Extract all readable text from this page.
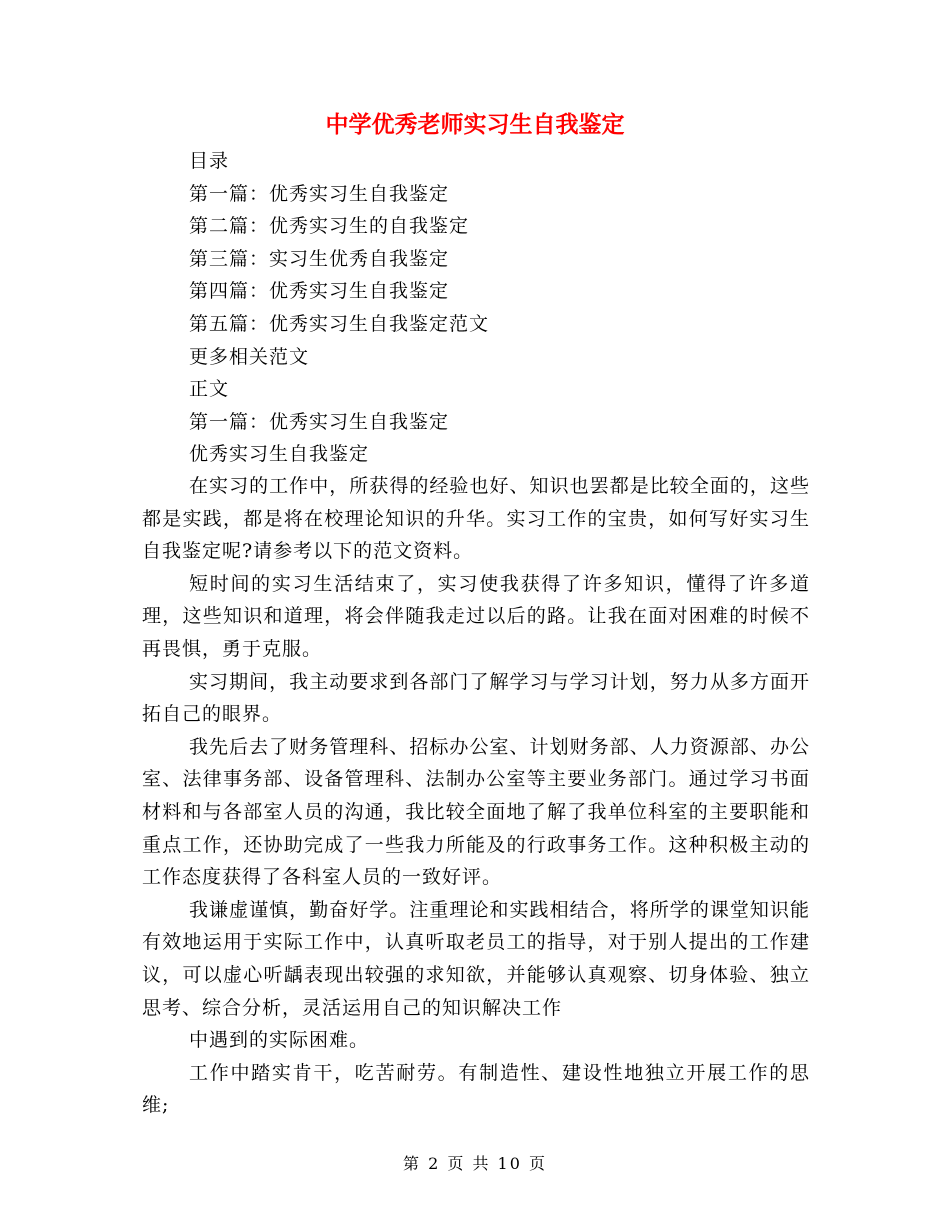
中学优秀老师实习生自我鉴定
目录
第一篇：优秀实习生自我鉴定
第二篇：优秀实习生的自我鉴定
第三篇：实习生优秀自我鉴定
第四篇：优秀实习生自我鉴定
第五篇：优秀实习生自我鉴定范文
更多相关范文
正文
第一篇：优秀实习生自我鉴定
优秀实习生自我鉴定

在实习的工作中，所获得的经验也好、知识也罢都是比较全面的，这些都是实践，都是将在校理论知识的升华。实习工作的宝贵，如何写好实习生自我鉴定呢?请参考以下的范文资料。

短时间的实习生活结束了，实习使我获得了许多知识，懂得了许多道理，这些知识和道理，将会伴随我走过以后的路。让我在面对困难的时候不再畏惧，勇于克服。

实习期间，我主动要求到各部门了解学习与学习计划，努力从多方面开拓自己的眼界。

我先后去了财务管理科、招标办公室、计划财务部、人力资源部、办公室、法律事务部、设备管理科、法制办公室等主要业务部门。通过学习书面材料和与各部室人员的沟通，我比较全面地了解了我单位科室的主要职能和重点工作，还协助完成了一些我力所能及的行政事务工作。这种积极主动的工作态度获得了各科室人员的一致好评。

我谦虚谨慎，勤奋好学。注重理论和实践相结合，将所学的课堂知识能有效地运用于实际工作中，认真听取老员工的指导，对于别人提出的工作建议，可以虚心听龋表现出较强的求知欲，并能够认真观察、切身体验、独立思考、综合分析，灵活运用自己的知识解决工作

中遇到的实际困难。

工作中踏实肯干，吃苦耐劳。有制造性、建设性地独立开展工作的思维;

第 2 页 共 10 页
